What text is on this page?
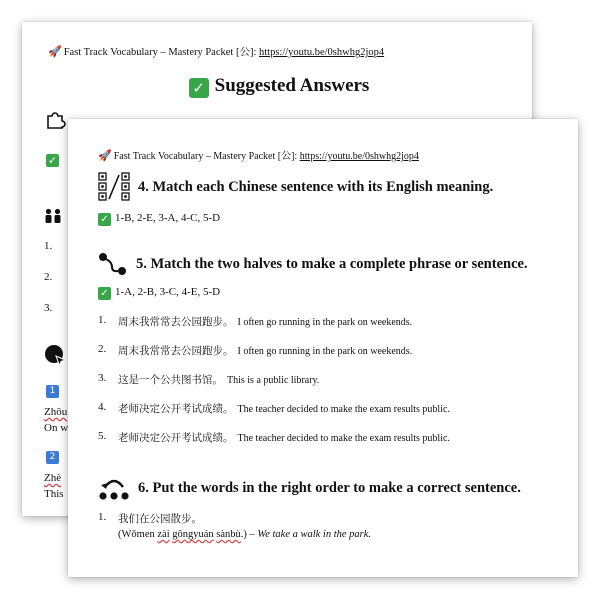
🚀 Fast Track Vocabulary – Mastery Packet [公]: https://youtu.be/0shwhg2jop4
✓ Suggested Answers
✓
1.
2.
3.
1
Zhōu
On w
2
Zhè
This
🚀 Fast Track Vocabulary – Mastery Packet [公]: https://youtu.be/0shwhg2jop4
4. Match each Chinese sentence with its English meaning.
✓ 1-B, 2-E, 3-A, 4-C, 5-D
5. Match the two halves to make a complete phrase or sentence.
✓ 1-A, 2-B, 3-C, 4-E, 5-D
1.	周末我常常去公园跑步。 I often go running in the park on weekends.
2.	周末我常常去公园跑步。 I often go running in the park on weekends.
3.	这是一个公共图书馆。 This is a public library.
4.	老师决定公开考试成绩。 The teacher decided to make the exam results public.
5.	老师决定公开考试成绩。 The teacher decided to make the exam results public.
6. Put the words in the right order to make a correct sentence.
1.	我们在公园散步。
(Wǒmen zài gōngyuán sànbù.) – We take a walk in the park.
